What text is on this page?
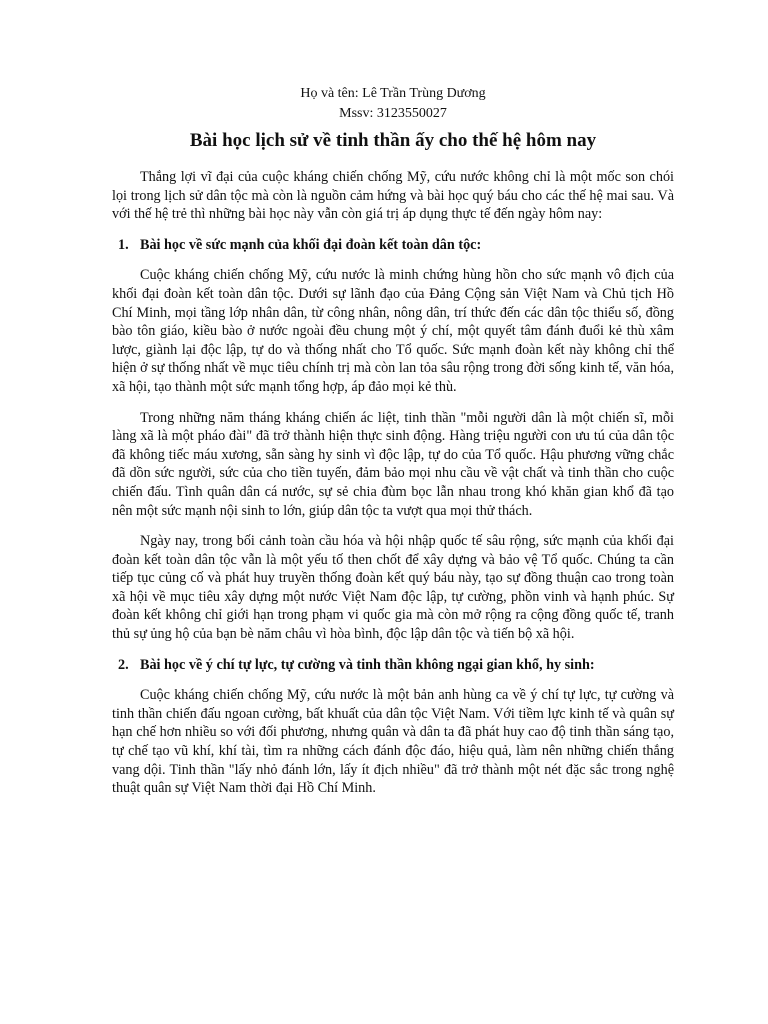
Họ và tên: Lê Trần Trùng Dương
Mssv: 3123550027
Bài học lịch sử về tinh thần ấy cho thế hệ hôm nay

Thắng lợi vĩ đại của cuộc kháng chiến chống Mỹ, cứu nước không chỉ là một mốc son chói lọi trong lịch sử dân tộc mà còn là nguồn cảm hứng và bài học quý báu cho các thế hệ mai sau. Và với thế hệ trẻ thì những bài học này vẫn còn giá trị áp dụng thực tế đến ngày hôm nay:

1. Bài học về sức mạnh của khối đại đoàn kết toàn dân tộc:

Cuộc kháng chiến chống Mỹ, cứu nước là minh chứng hùng hồn cho sức mạnh vô địch của khối đại đoàn kết toàn dân tộc. Dưới sự lãnh đạo của Đảng Cộng sản Việt Nam và Chủ tịch Hồ Chí Minh, mọi tầng lớp nhân dân, từ công nhân, nông dân, trí thức đến các dân tộc thiểu số, đồng bào tôn giáo, kiều bào ở nước ngoài đều chung một ý chí, một quyết tâm đánh đuổi kẻ thù xâm lược, giành lại độc lập, tự do và thống nhất cho Tổ quốc. Sức mạnh đoàn kết này không chỉ thể hiện ở sự thống nhất về mục tiêu chính trị mà còn lan tỏa sâu rộng trong đời sống kinh tế, văn hóa, xã hội, tạo thành một sức mạnh tổng hợp, áp đảo mọi kẻ thù.

Trong những năm tháng kháng chiến ác liệt, tinh thần "mỗi người dân là một chiến sĩ, mỗi làng xã là một pháo đài" đã trở thành hiện thực sinh động. Hàng triệu người con ưu tú của dân tộc đã không tiếc máu xương, sẵn sàng hy sinh vì độc lập, tự do của Tổ quốc. Hậu phương vững chắc đã dồn sức người, sức của cho tiền tuyến, đảm bảo mọi nhu cầu về vật chất và tinh thần cho cuộc chiến đấu. Tình quân dân cá nước, sự sẻ chia đùm bọc lẫn nhau trong khó khăn gian khổ đã tạo nên một sức mạnh nội sinh to lớn, giúp dân tộc ta vượt qua mọi thử thách.

Ngày nay, trong bối cảnh toàn cầu hóa và hội nhập quốc tế sâu rộng, sức mạnh của khối đại đoàn kết toàn dân tộc vẫn là một yếu tố then chốt để xây dựng và bảo vệ Tổ quốc. Chúng ta cần tiếp tục củng cố và phát huy truyền thống đoàn kết quý báu này, tạo sự đồng thuận cao trong toàn xã hội về mục tiêu xây dựng một nước Việt Nam độc lập, tự cường, phồn vinh và hạnh phúc. Sự đoàn kết không chỉ giới hạn trong phạm vi quốc gia mà còn mở rộng ra cộng đồng quốc tế, tranh thủ sự ủng hộ của bạn bè năm châu vì hòa bình, độc lập dân tộc và tiến bộ xã hội.

2. Bài học về ý chí tự lực, tự cường và tinh thần không ngại gian khổ, hy sinh:

Cuộc kháng chiến chống Mỹ, cứu nước là một bản anh hùng ca về ý chí tự lực, tự cường và tinh thần chiến đấu ngoan cường, bất khuất của dân tộc Việt Nam. Với tiềm lực kinh tế và quân sự hạn chế hơn nhiều so với đối phương, nhưng quân và dân ta đã phát huy cao độ tinh thần sáng tạo, tự chế tạo vũ khí, khí tài, tìm ra những cách đánh độc đáo, hiệu quả, làm nên những chiến thắng vang dội. Tinh thần "lấy nhỏ đánh lớn, lấy ít địch nhiều" đã trở thành một nét đặc sắc trong nghệ thuật quân sự Việt Nam thời đại Hồ Chí Minh.
